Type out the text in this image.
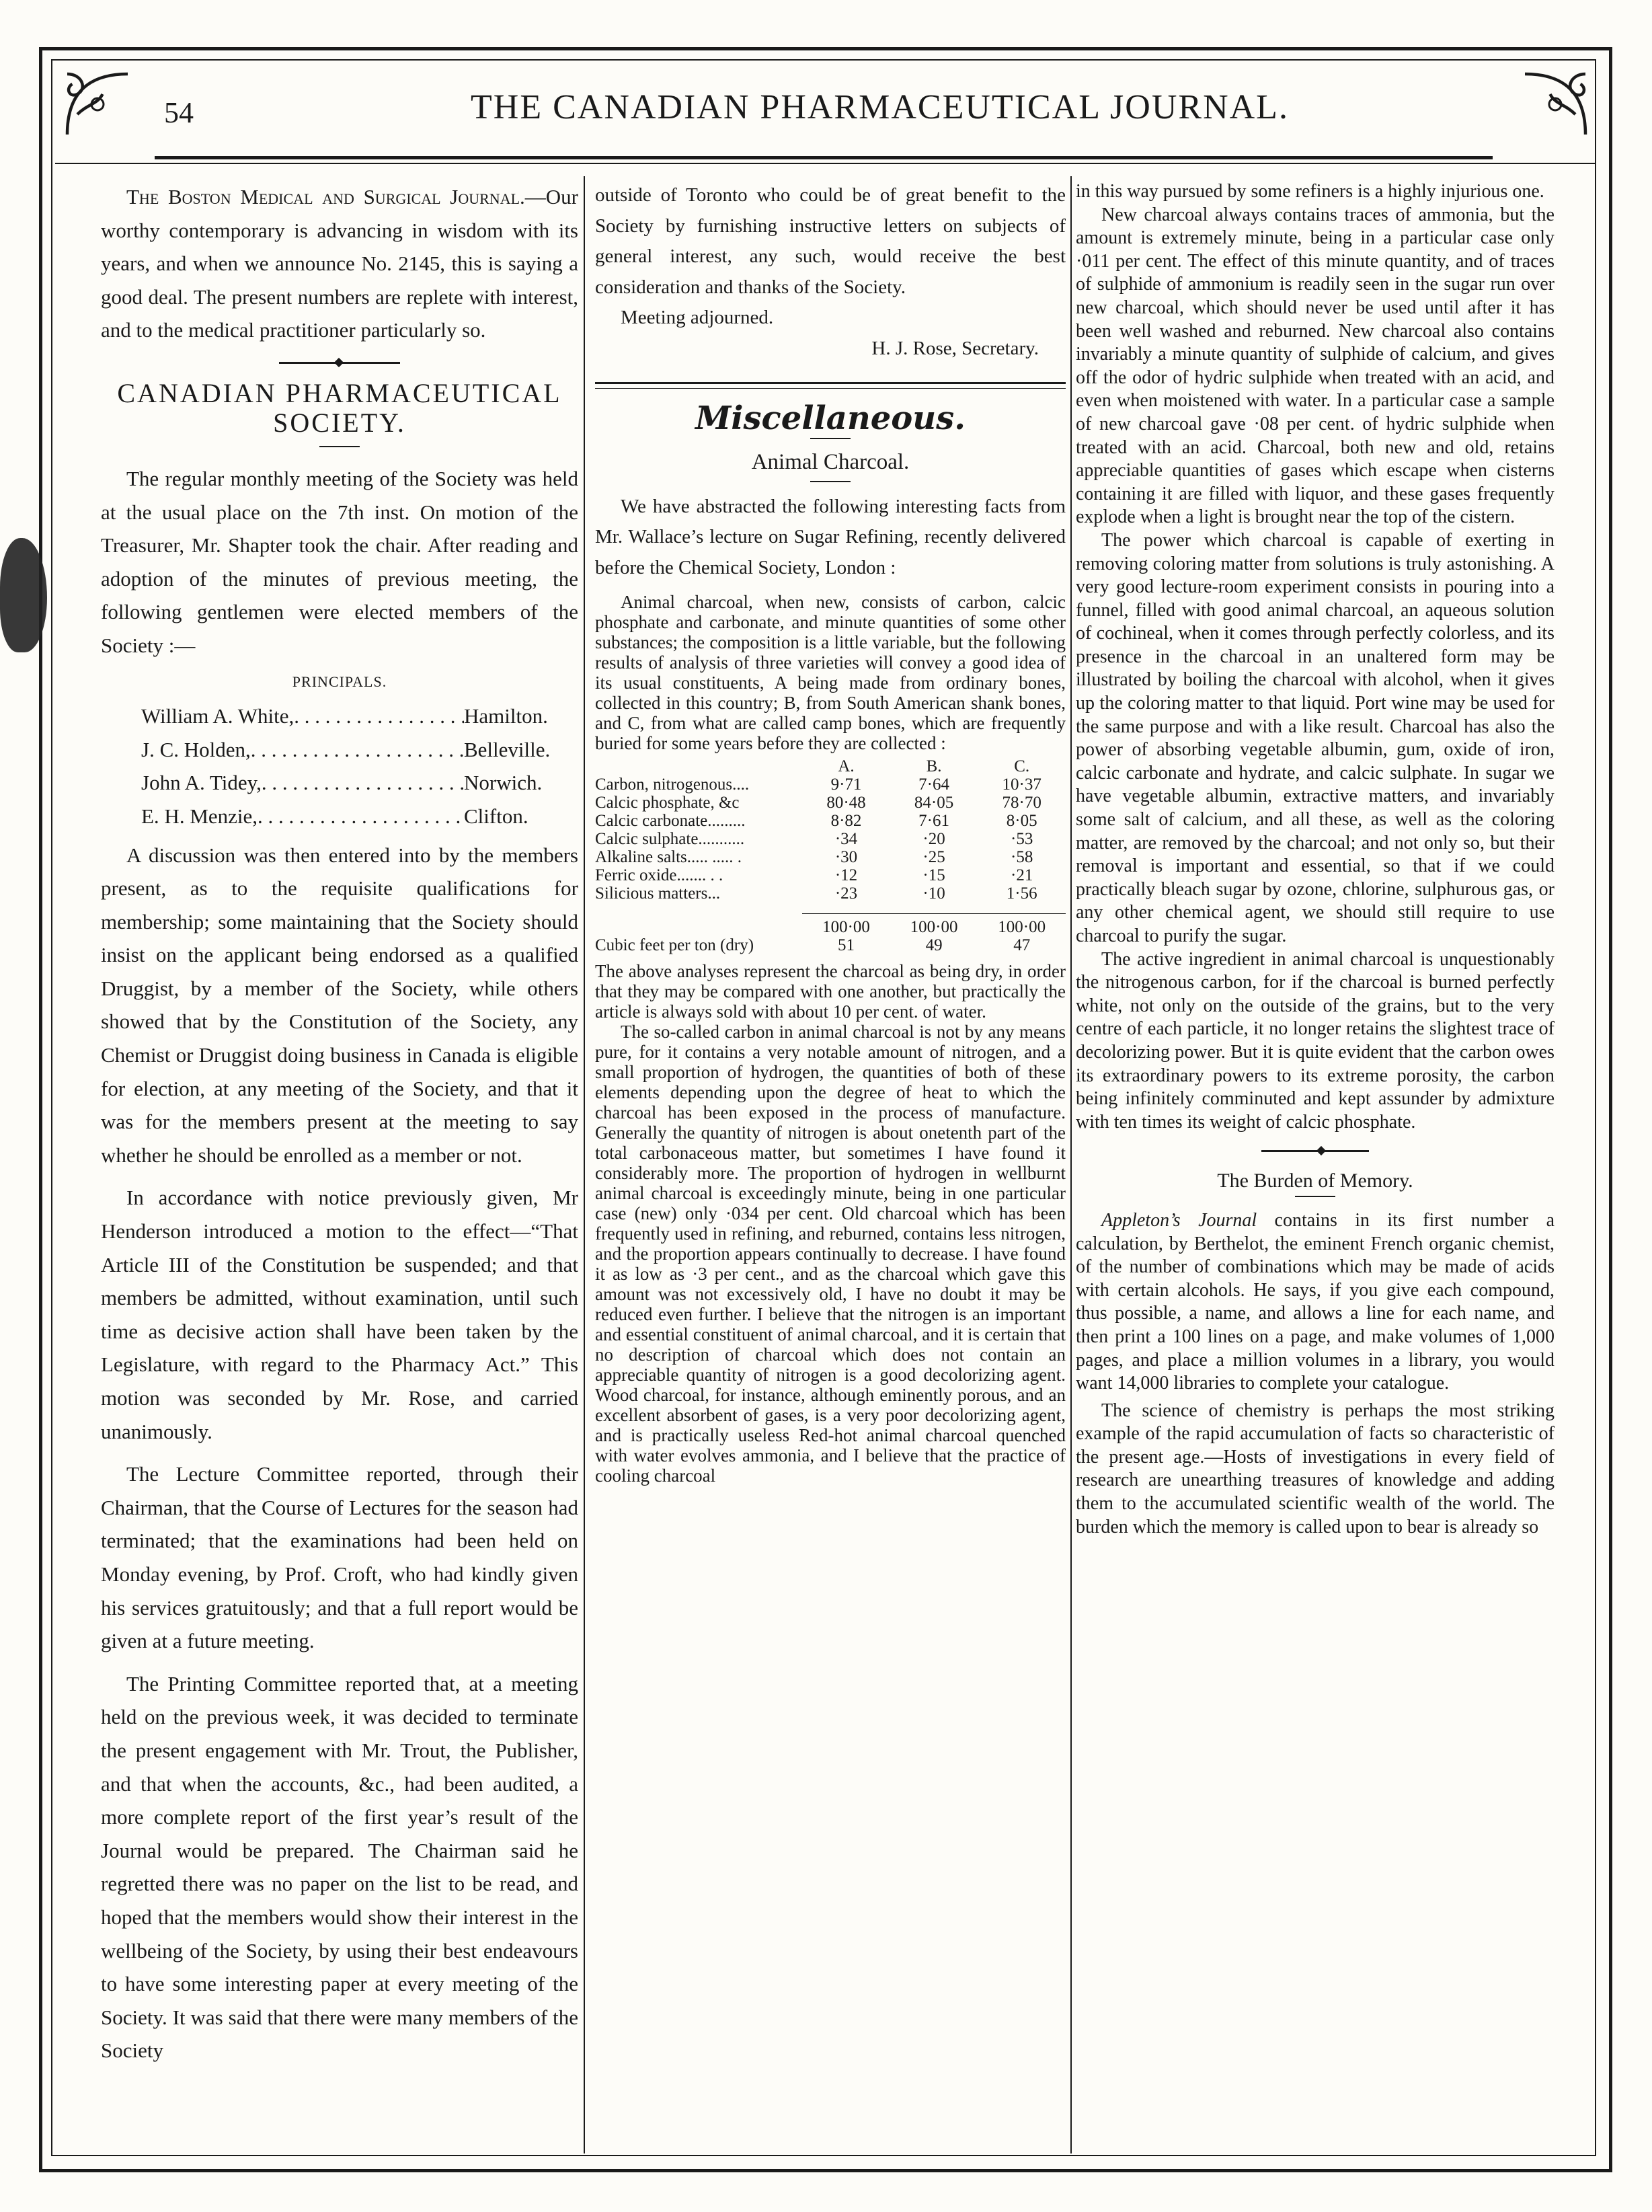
54	THE CANADIAN PHARMACEUTICAL JOURNAL.

The Boston Medical and Surgical Journal.—Our worthy contemporary is advancing in wisdom with its years, and when we announce No. 2145, this is saying a good deal. The present numbers are replete with interest, and to the medical practitioner particularly so.

CANADIAN PHARMACEUTICAL
SOCIETY.

The regular monthly meeting of the Society was held at the usual place on the 7th inst. On motion of the Treasurer, Mr. Shapter took the chair. After reading and adoption of the minutes of previous meeting, the following gentlemen were elected members of the Society :—

PRINCIPALS.
William A. White, . . .	Hamilton.
J. C. Holden, . . .	Belleville.
John A. Tidey, . . .	Norwich.
E. H. Menzie, . . .	Clifton.

A discussion was then entered into by the members present, as to the requisite qualifications for membership; some maintaining that the Society should insist on the applicant being endorsed as a qualified Druggist, by a member of the Society, while others showed that by the Constitution of the Society, any Chemist or Druggist doing business in Canada is eligible for election, at any meeting of the Society, and that it was for the members present at the meeting to say whether he should be enrolled as a member or not.

In accordance with notice previously given, Mr Henderson introduced a motion to the effect—“That Article III of the Constitution be suspended; and that members be admitted, without examination, until such time as decisive action shall have been taken by the Legislature, with regard to the Pharmacy Act.” This motion was seconded by Mr. Rose, and carried unanimously.

The Lecture Committee reported, through their Chairman, that the Course of Lectures for the season had terminated; that the examinations had been held on Monday evening, by Prof. Croft, who had kindly given his services gratuitously; and that a full report would be given at a future meeting.

The Printing Committee reported that, at a meeting held on the previous week, it was decided to terminate the present engagement with Mr. Trout, the Publisher, and that when the accounts, &c., had been audited, a more complete report of the first year’s result of the Journal would be prepared. The Chairman said he regretted there was no paper on the list to be read, and hoped that the members would show their interest in the wellbeing of the Society, by using their best endeavours to have some interesting paper at every meeting of the Society. It was said that there were many members of the Society

outside of Toronto who could be of great benefit to the Society by furnishing instructive letters on subjects of general interest, any such, would receive the best consideration and thanks of the Society.

Meeting adjourned.

H. J. Rose, Secretary.
Miscellaneous.
Animal Charcoal.

We have abstracted the following interesting facts from Mr. Wallace’s lecture on Sugar Refining, recently delivered before the Chemical Society, London :

Animal charcoal, when new, consists of carbon, calcic phosphate and carbonate, and minute quantities of some other substances; the composition is a little variable, but the following results of analysis of three varieties will convey a good idea of its usual constituents, A being made from ordinary bones, collected in this country; B, from South American shank bones, and C, from what are called camp bones, which are frequently buried for some years before they are collected :

	A.	B.	C.
Carbon, nitrogenous....	9·71	7·64	10·37
Calcic phosphate, &c	80·48	84·05	78·70
Calcic carbonate.........	8·82	7·61	8·05
Calcic sulphate...........	·34	·20	·53
Alkaline salts..... ..... .	·30	·25	·58
Ferric oxide....... . .	·12	·15	·21
Silicious matters...	·23	·10	1·56

	100·00	100·00	100·00
Cubic feet per ton (dry)	51	49	47

The above analyses represent the charcoal as being dry, in order that they may be compared with one another, but practically the article is always sold with about 10 per cent. of water.

The so-called carbon in animal charcoal is not by any means pure, for it contains a very notable amount of nitrogen, and a small proportion of hydrogen, the quantities of both of these elements depending upon the degree of heat to which the charcoal has been exposed in the process of manufacture. Generally the quantity of nitrogen is about onetenth part of the total carbonaceous matter, but sometimes I have found it considerably more. The proportion of hydrogen in wellburnt animal charcoal is exceedingly minute, being in one particular case (new) only ·034 per cent. Old charcoal which has been frequently used in refining, and reburned, contains less nitrogen, and the proportion appears continually to decrease. I have found it as low as ·3 per cent., and as the charcoal which gave this amount was not excessively old, I have no doubt it may be reduced even further. I believe that the nitrogen is an important and essential constituent of animal charcoal, and it is certain that no description of charcoal which does not contain an appreciable quantity of nitrogen is a good decolorizing agent. Wood charcoal, for instance, although eminently porous, and an excellent absorbent of gases, is a very poor decolorizing agent, and is practically useless Red-hot animal charcoal quenched with water evolves ammonia, and I believe that the practice of cooling charcoal

in this way pursued by some refiners is a highly injurious one.

New charcoal always contains traces of ammonia, but the amount is extremely minute, being in a particular case only ·011 per cent. The effect of this minute quantity, and of traces of sulphide of ammonium is readily seen in the sugar run over new charcoal, which should never be used until after it has been well washed and reburned. New charcoal also contains invariably a minute quantity of sulphide of calcium, and gives off the odor of hydric sulphide when treated with an acid, and even when moistened with water. In a particular case a sample of new charcoal gave ·08 per cent. of hydric sulphide when treated with an acid. Charcoal, both new and old, retains appreciable quantities of gases which escape when cisterns containing it are filled with liquor, and these gases frequently explode when a light is brought near the top of the cistern.

The power which charcoal is capable of exerting in removing coloring matter from solutions is truly astonishing. A very good lecture-room experiment consists in pouring into a funnel, filled with good animal charcoal, an aqueous solution of cochineal, when it comes through perfectly colorless, and its presence in the charcoal in an unaltered form may be illustrated by boiling the charcoal with alcohol, when it gives up the coloring matter to that liquid. Port wine may be used for the same purpose and with a like result. Charcoal has also the power of absorbing vegetable albumin, gum, oxide of iron, calcic carbonate and hydrate, and calcic sulphate. In sugar we have vegetable albumin, extractive matters, and invariably some salt of calcium, and all these, as well as the coloring matter, are removed by the charcoal; and not only so, but their removal is important and essential, so that if we could practically bleach sugar by ozone, chlorine, sulphurous gas, or any other chemical agent, we should still require to use charcoal to purify the sugar.

The active ingredient in animal charcoal is unquestionably the nitrogenous carbon, for if the charcoal is burned perfectly white, not only on the outside of the grains, but to the very centre of each particle, it no longer retains the slightest trace of decolorizing power. But it is quite evident that the carbon owes its extraordinary powers to its extreme porosity, the carbon being infinitely comminuted and kept assunder by admixture with ten times its weight of calcic phosphate.

The Burden of Memory.

Appleton’s Journal contains in its first number a calculation, by Berthelot, the eminent French organic chemist, of the number of combinations which may be made of acids with certain alcohols. He says, if you give each compound, thus possible, a name, and allows a line for each name, and then print a 100 lines on a page, and make volumes of 1,000 pages, and place a million volumes in a library, you would want 14,000 libraries to complete your catalogue.

The science of chemistry is perhaps the most striking example of the rapid accumulation of facts so characteristic of the present age.—Hosts of investigations in every field of research are unearthing treasures of knowledge and adding them to the accumulated scientific wealth of the world. The burden which the memory is called upon to bear is already so
